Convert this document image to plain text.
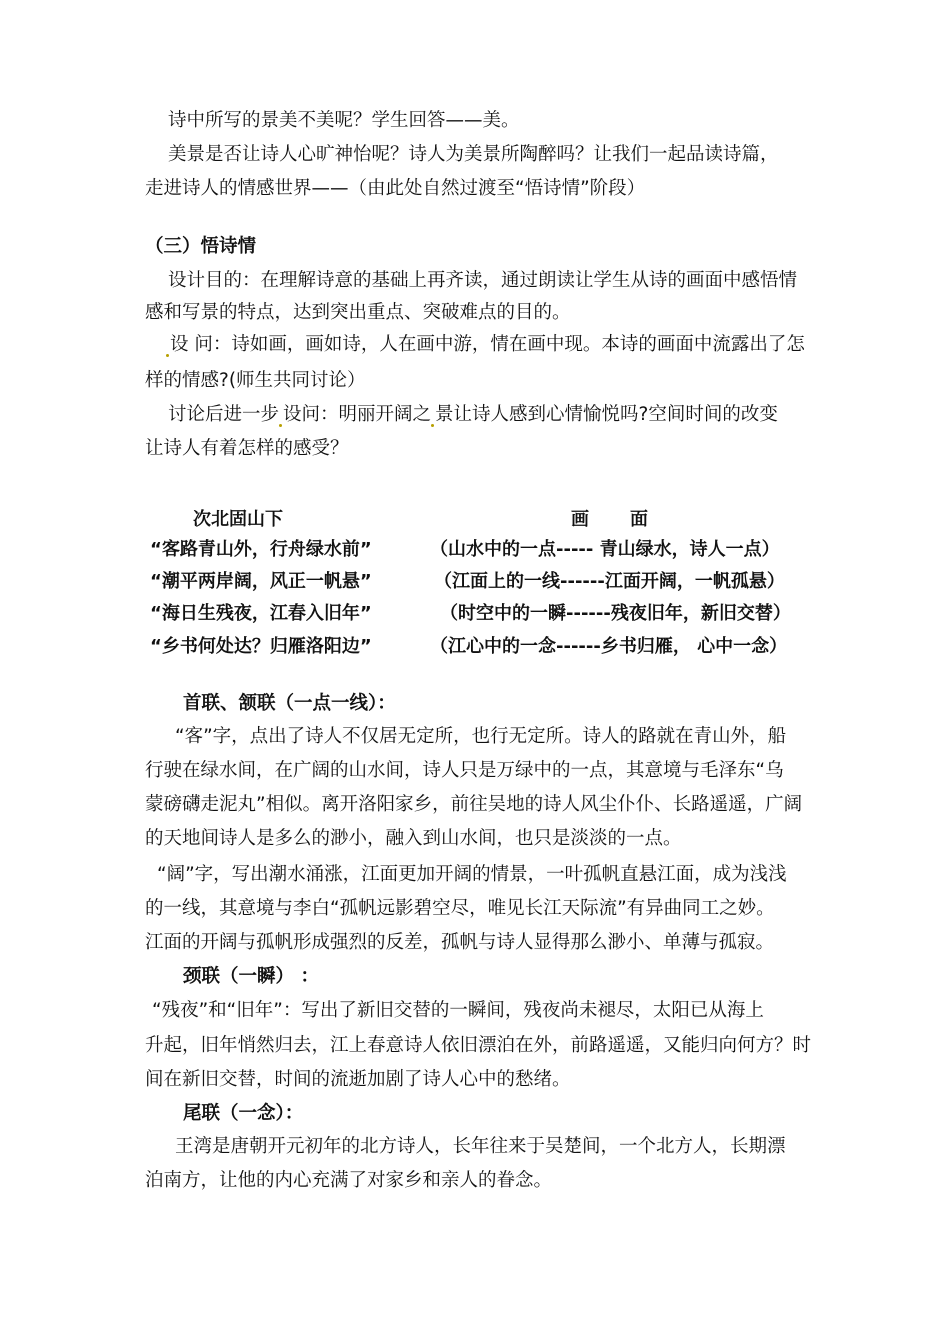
诗中所写的景美不美呢？学生回答——美。

美景是否让诗人心旷神怡呢？诗人为美景所陶醉吗？让我们一起品读诗篇，

走进诗人的情感世界——（由此处自然过渡至“悟诗情”阶段）

（三）悟诗情

设计目的：在理解诗意的基础上再齐读，通过朗读让学生从诗的画面中感悟情

感和写景的特点，达到突出重点、突破难点的目的。

设 问：诗如画，画如诗，人在画中游，情在画中现。本诗的画面中流露出了怎

样的情感?(师生共同讨论）

讨论后进一步 设问：明丽开阔之 景让诗人感到心情愉悦吗?空间时间的改变

让诗人有着怎样的感受？

次北固山下	画 面

“客路青山外，行舟绿水前”	（山水中的一点----- 青山绿水，诗人一点）

“潮平两岸阔，风正一帆悬”	（江面上的一线------江面开阔，一帆孤悬）

“海日生残夜，江春入旧年”	（时空中的一瞬------残夜旧年，新旧交替）

“乡书何处达？归雁洛阳边”	（江心中的一念------乡书归雁， 心中一念）

首联、颔联（一点一线）：

“客”字，点出了诗人不仅居无定所，也行无定所。诗人的路就在青山外，船

行驶在绿水间，在广阔的山水间，诗人只是万绿中的一点，其意境与毛泽东“乌

蒙磅礴走泥丸”相似。离开洛阳家乡，前往吴地的诗人风尘仆仆、长路遥遥，广阔

的天地间诗人是多么的渺小，融入到山水间，也只是淡淡的一点。

“阔”字，写出潮水涌涨，江面更加开阔的情景，一叶孤帆直悬江面，成为浅浅

的一线，其意境与李白“孤帆远影碧空尽，唯见长江天际流”有异曲同工之妙。

江面的开阔与孤帆形成强烈的反差，孤帆与诗人显得那么渺小、单薄与孤寂。

颈联（一瞬） ：

“残夜”和“旧年”：写出了新旧交替的一瞬间，残夜尚未褪尽，太阳已从海上

升起，旧年悄然归去，江上春意诗人依旧漂泊在外，前路遥遥，又能归向何方？时

间在新旧交替，时间的流逝加剧了诗人心中的愁绪。

尾联（一念）：

王湾是唐朝开元初年的北方诗人，长年往来于吴楚间，一个北方人，长期漂

泊南方，让他的内心充满了对家乡和亲人的眷念。
